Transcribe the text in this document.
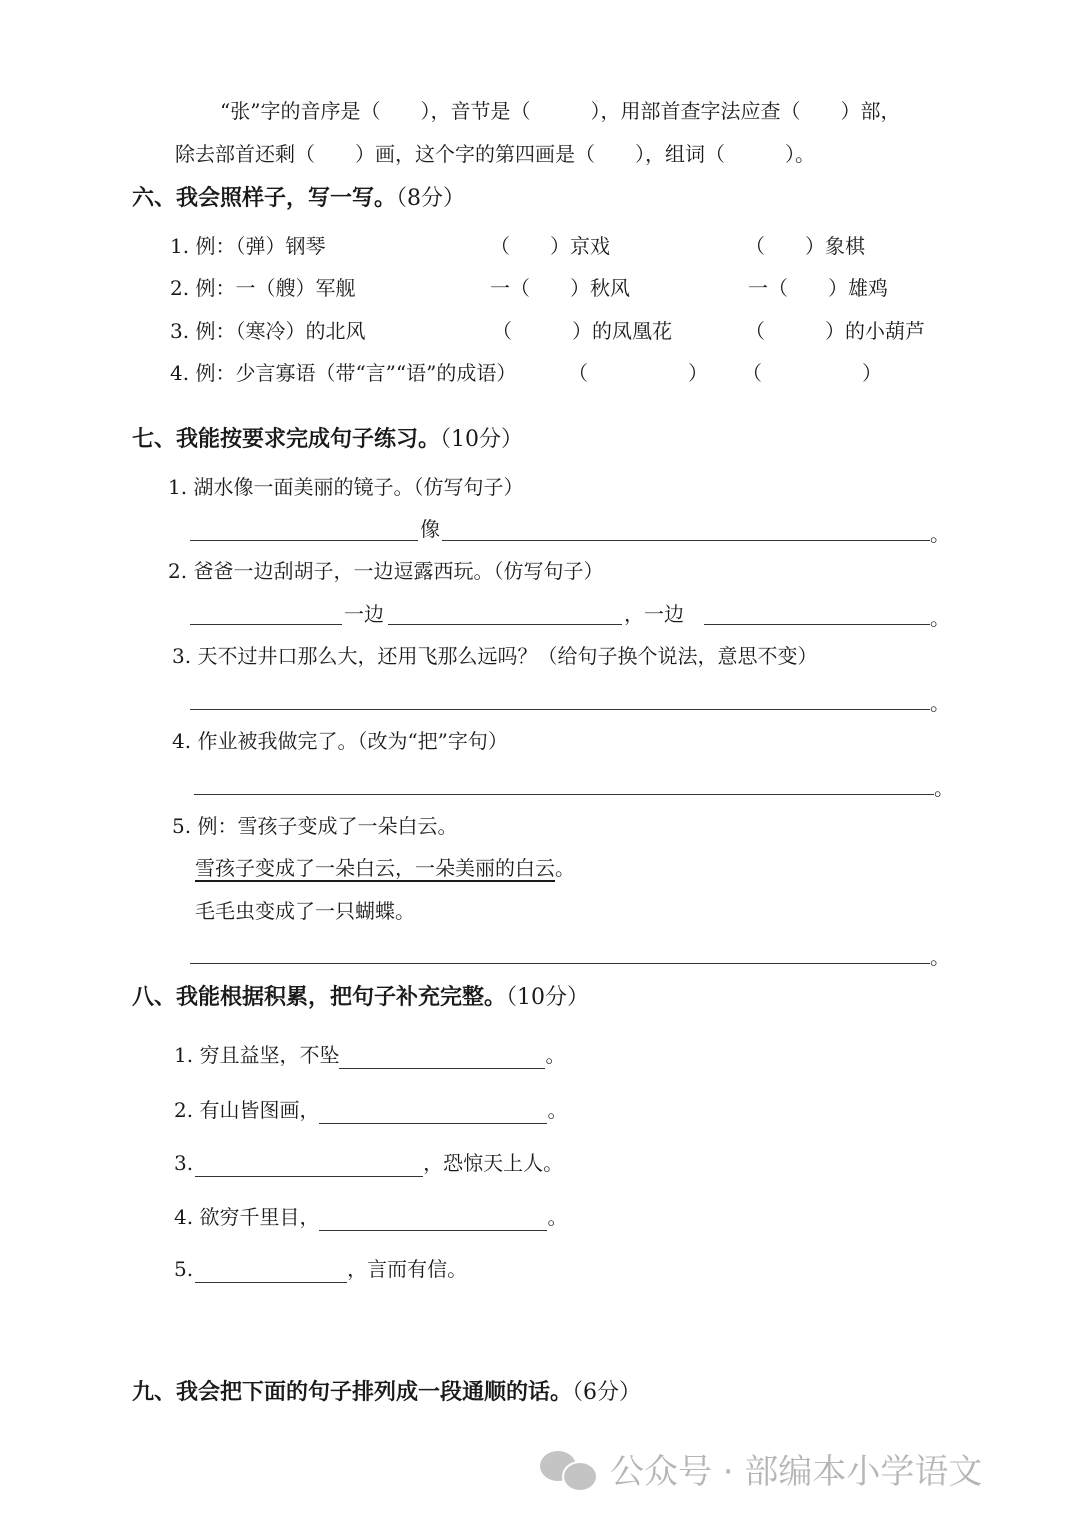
“张”字的音序是（　　），音节是（　　　），用部首查字法应查（　　）部，
除去部首还剩（　　）画，这个字的第四画是（　　），组词（　　　）。
六、我会照样子，写一写。（8分）
1. 例：（弹）钢琴	（　　）京戏	（　　）象棋
2. 例：一（艘）军舰	一（　　）秋风	一（　　）雄鸡
3. 例：（寒冷）的北风	（　　　）的凤凰花	（　　　）的小葫芦
4. 例：少言寡语（带“言”“语”的成语）	（　　　　　） （　　　　　）
七、我能按要求完成句子练习。（10分）
1. 湖水像一面美丽的镜子。（仿写句子）
像	。
2. 爸爸一边刮胡子，一边逗露西玩。（仿写句子）
一边	，一边	。
3. 天不过井口那么大，还用飞那么远吗？（给句子换个说法，意思不变）
。
4. 作业被我做完了。（改为“把”字句）
。
5. 例：雪孩子变成了一朵白云。
雪孩子变成了一朵白云，一朵美丽的白云。
毛毛虫变成了一只蝴蝶。
。
八、我能根据积累，把句子补充完整。（10分）
1. 穷且益坚，不坠	。
2. 有山皆图画，	。
3.	，恐惊天上人。
4. 欲穷千里目，	。
5.	，言而有信。
九、我会把下面的句子排列成一段通顺的话。（6分）
公众号 · 部编本小学语文
